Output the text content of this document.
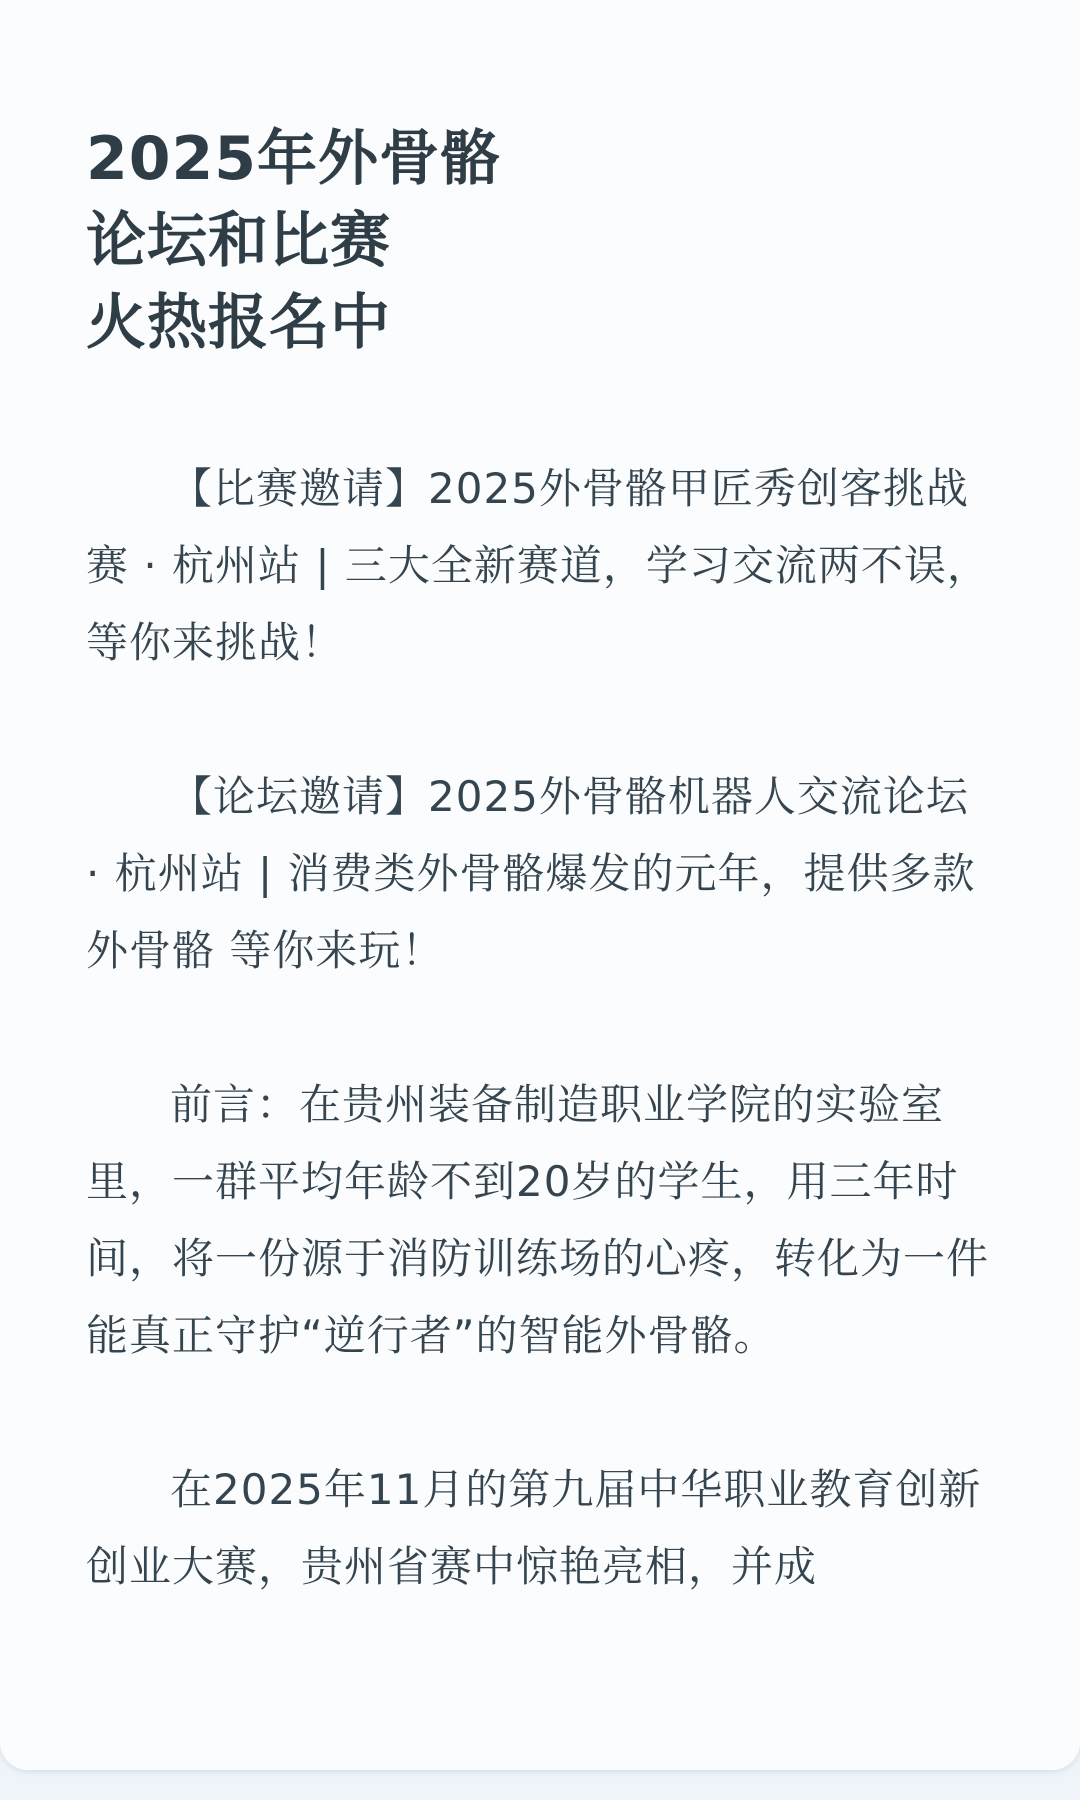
2025年外骨骼
论坛和比赛
火热报名中

【比赛邀请】2025外骨骼甲匠秀创客挑战赛 · 杭州站 | 三大全新赛道，学习交流两不误，等你来挑战！

【论坛邀请】2025外骨骼机器人交流论坛 · 杭州站 | 消费类外骨骼爆发的元年，提供多款外骨骼 等你来玩！

前言：在贵州装备制造职业学院的实验室里，一群平均年龄不到20岁的学生，用三年时间，将一份源于消防训练场的心疼，转化为一件能真正守护“逆行者”的智能外骨骼。

在2025年11月的第九届中华职业教育创新创业大赛，贵州省赛中惊艳亮相，并成
